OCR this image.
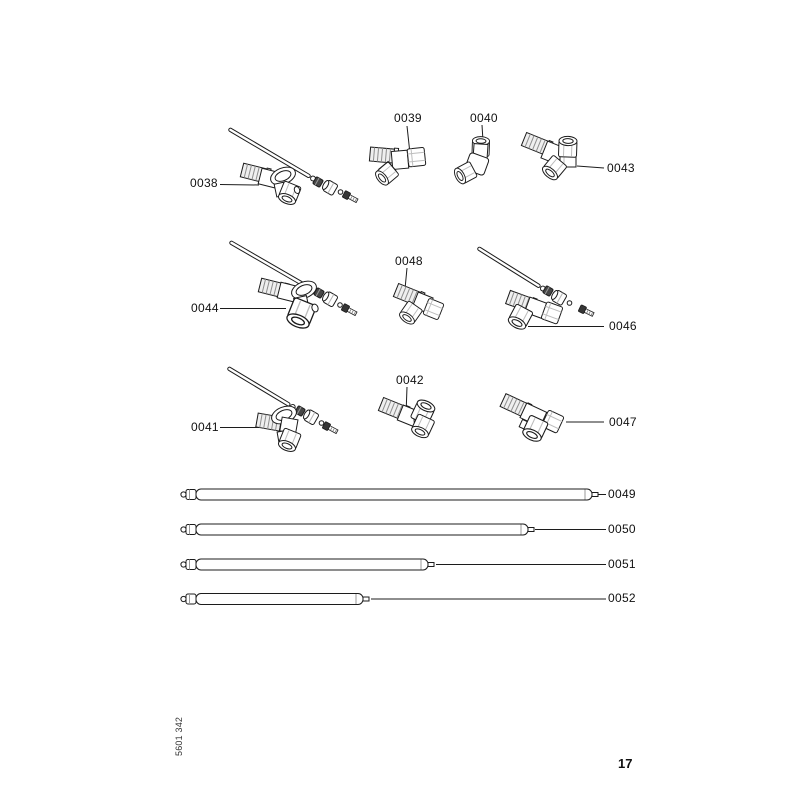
0038
0039	0040
0043
0044
0048
0046
0041
0042
0047
0049
0050
0051
0052
5601 342
17
